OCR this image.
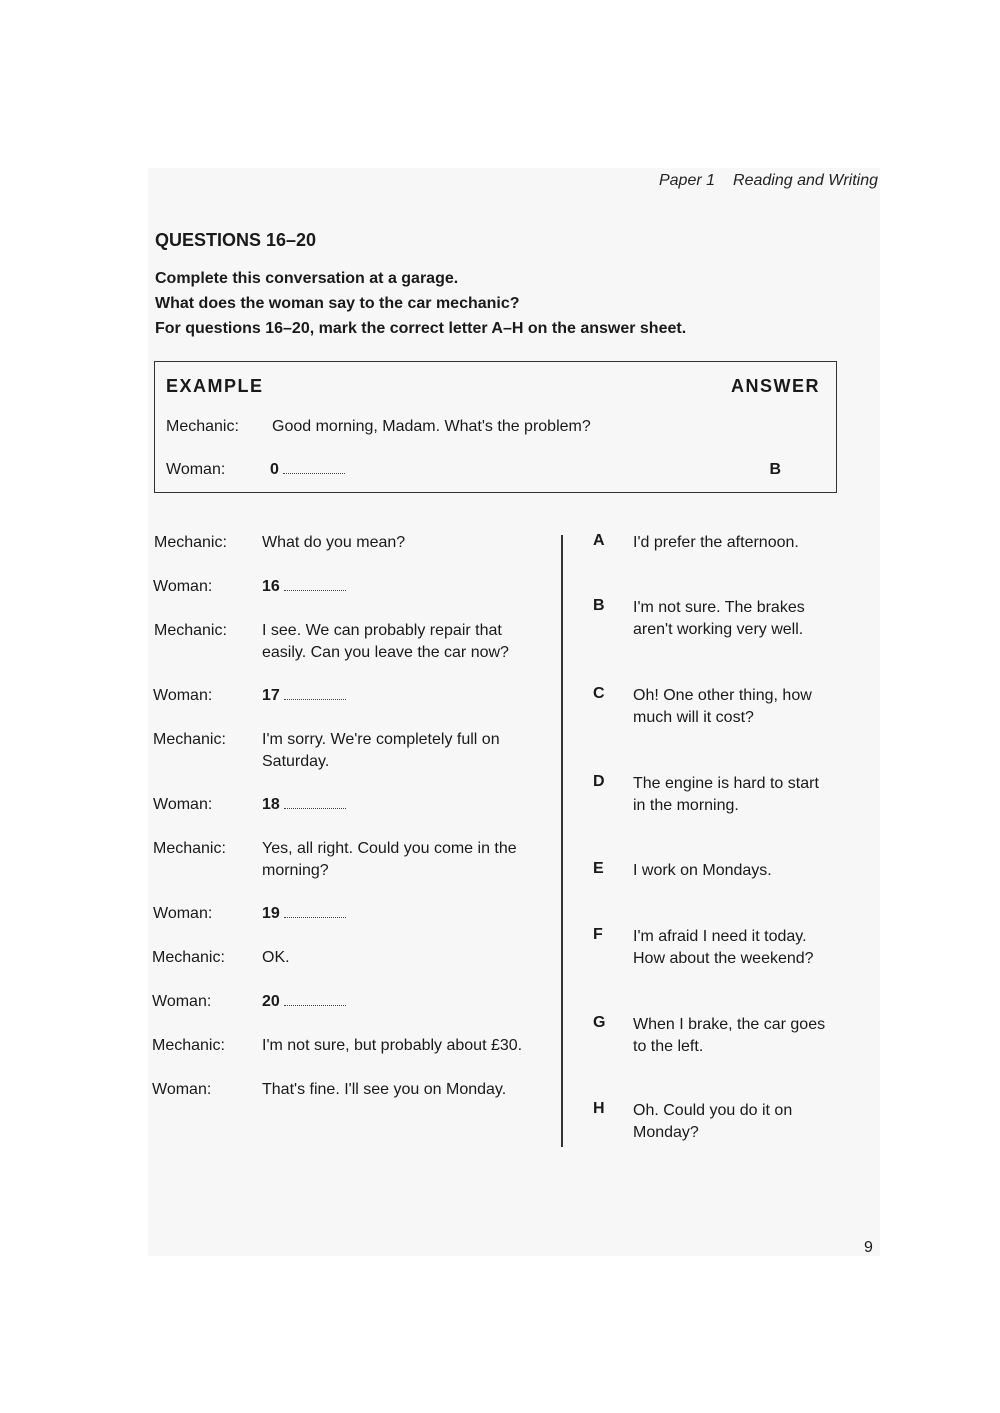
Paper 1 Reading and Writing
QUESTIONS 16–20
Complete this conversation at a garage.
What does the woman say to the car mechanic?
For questions 16–20, mark the correct letter A–H on the answer sheet.
EXAMPLE	ANSWER
Mechanic: Good morning, Madam. What's the problem?
Woman:	0	B
Mechanic: What do you mean?
Woman:	16
Mechanic: I see. We can probably repair that
easily. Can you leave the car now?
Woman:	17
Mechanic: I'm sorry. We're completely full on
Saturday.
Woman:	18
Mechanic: Yes, all right. Could you come in the
morning?
Woman:	19
Mechanic: OK.
Woman:	20
Mechanic: I'm not sure, but probably about £30.
Woman:	That's fine. I'll see you on Monday.
A I'd prefer the afternoon.
B I'm not sure. The brakes
aren't working very well.
C Oh! One other thing, how
much will it cost?
D The engine is hard to start
in the morning.
E I work on Mondays.
F I'm afraid I need it today.
How about the weekend?
G When I brake, the car goes
to the left.
H Oh. Could you do it on
Monday?
9
